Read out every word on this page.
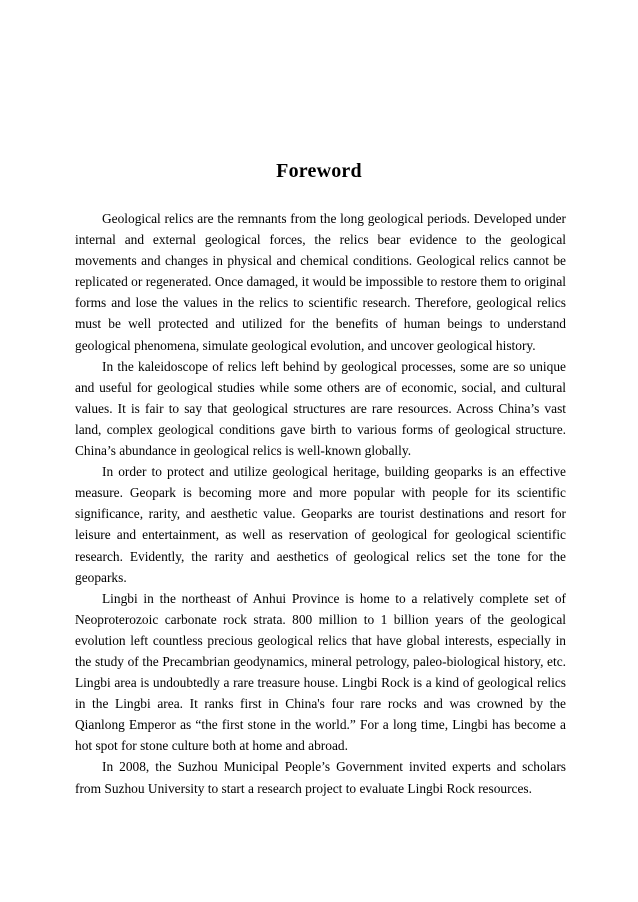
Foreword

Geological relics are the remnants from the long geological periods. Developed under internal and external geological forces, the relics bear evidence to the geological movements and changes in physical and chemical conditions. Geological relics cannot be replicated or regenerated. Once damaged, it would be impossible to restore them to original forms and lose the values in the relics to scientific research. Therefore, geological relics must be well protected and utilized for the benefits of human beings to understand geological phenomena, simulate geological evolution, and uncover geological history.

In the kaleidoscope of relics left behind by geological processes, some are so unique and useful for geological studies while some others are of economic, social, and cultural values. It is fair to say that geological structures are rare resources. Across China’s vast land, complex geological conditions gave birth to various forms of geological structure. China’s abundance in geological relics is well-known globally.

In order to protect and utilize geological heritage, building geoparks is an effective measure. Geopark is becoming more and more popular with people for its scientific significance, rarity, and aesthetic value. Geoparks are tourist destinations and resort for leisure and entertainment, as well as reservation of geological for geological scientific research. Evidently, the rarity and aesthetics of geological relics set the tone for the geoparks.

Lingbi in the northeast of Anhui Province is home to a relatively complete set of Neoproterozoic carbonate rock strata. 800 million to 1 billion years of the geological evolution left countless precious geological relics that have global interests, especially in the study of the Precambrian geodynamics, mineral petrology, paleo-biological history, etc. Lingbi area is undoubtedly a rare treasure house. Lingbi Rock is a kind of geological relics in the Lingbi area. It ranks first in China's four rare rocks and was crowned by the Qianlong Emperor as “the first stone in the world.” For a long time, Lingbi has become a hot spot for stone culture both at home and abroad.

In 2008, the Suzhou Municipal People’s Government invited experts and scholars from Suzhou University to start a research project to evaluate Lingbi Rock resources.
